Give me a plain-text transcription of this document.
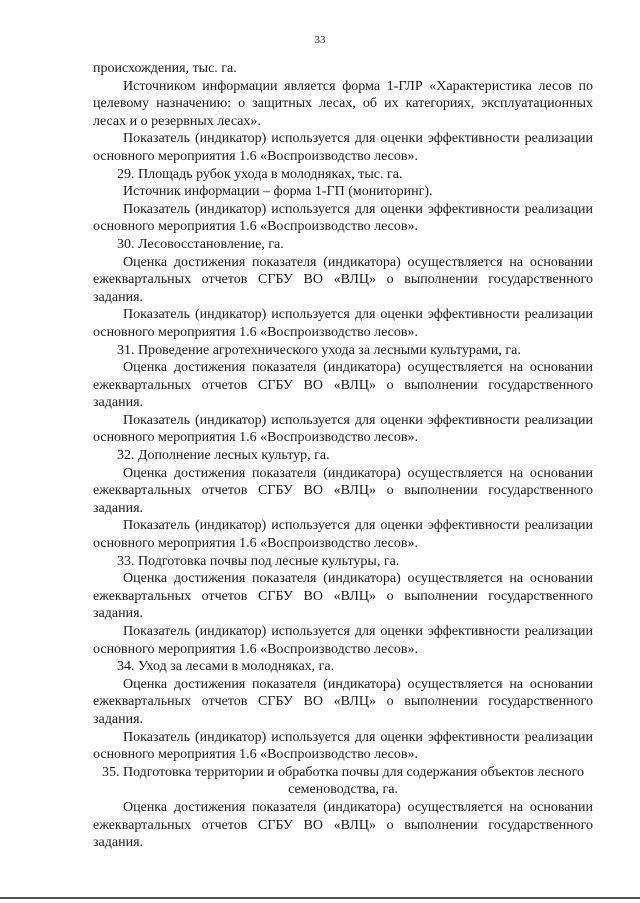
33

происхождения, тыс. га.

Источником информации является форма 1-ГЛР «Характеристика лесов по целевому назначению: о защитных лесах, об их категориях, эксплуатационных лесах и о резервных лесах».

Показатель (индикатор) используется для оценки эффективности реализации основного мероприятия 1.6 «Воспроизводство лесов».

29. Площадь рубок ухода в молодняках, тыс. га.

Источник информации – форма 1-ГП (мониторинг).

Показатель (индикатор) используется для оценки эффективности реализации основного мероприятия 1.6 «Воспроизводство лесов».

30. Лесовосстановление, га.

Оценка достижения показателя (индикатора) осуществляется на основании ежеквартальных отчетов СГБУ ВО «ВЛЦ» о выполнении государственного задания.

Показатель (индикатор) используется для оценки эффективности реализации основного мероприятия 1.6 «Воспроизводство лесов».

31. Проведение агротехнического ухода за лесными культурами, га.

Оценка достижения показателя (индикатора) осуществляется на основании ежеквартальных отчетов СГБУ ВО «ВЛЦ» о выполнении государственного задания.

Показатель (индикатор) используется для оценки эффективности реализации основного мероприятия 1.6 «Воспроизводство лесов».

32. Дополнение лесных культур, га.

Оценка достижения показателя (индикатора) осуществляется на основании ежеквартальных отчетов СГБУ ВО «ВЛЦ» о выполнении государственного задания.

Показатель (индикатор) используется для оценки эффективности реализации основного мероприятия 1.6 «Воспроизводство лесов».

33. Подготовка почвы под лесные культуры, га.

Оценка достижения показателя (индикатора) осуществляется на основании ежеквартальных отчетов СГБУ ВО «ВЛЦ» о выполнении государственного задания.

Показатель (индикатор) используется для оценки эффективности реализации основного мероприятия 1.6 «Воспроизводство лесов».

34. Уход за лесами в молодняках, га.

Оценка достижения показателя (индикатора) осуществляется на основании ежеквартальных отчетов СГБУ ВО «ВЛЦ» о выполнении государственного задания.

Показатель (индикатор) используется для оценки эффективности реализации основного мероприятия 1.6 «Воспроизводство лесов».

35. Подготовка территории и обработка почвы для содержания объектов лесного семеноводства, га.

Оценка достижения показателя (индикатора) осуществляется на основании ежеквартальных отчетов СГБУ ВО «ВЛЦ» о выполнении государственного задания.
